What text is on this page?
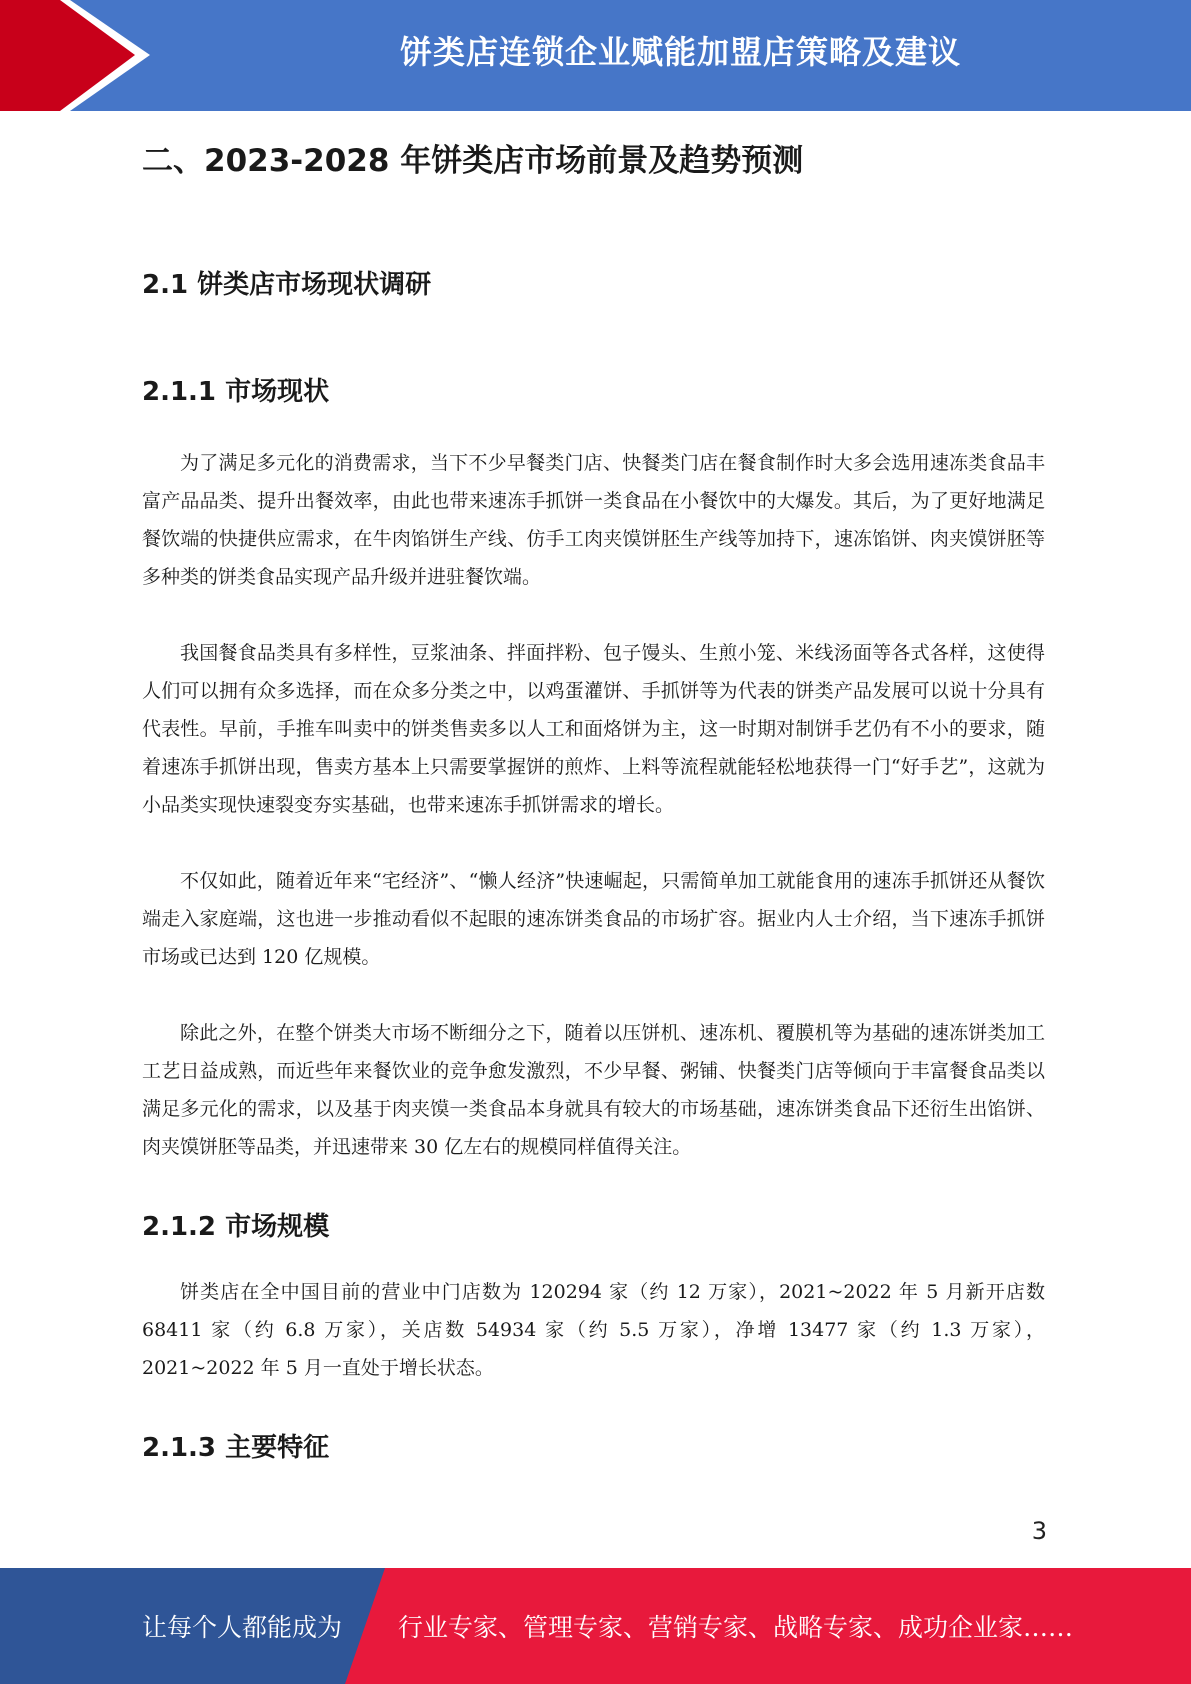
饼类店连锁企业赋能加盟店策略及建议
二、2023-2028 年饼类店市场前景及趋势预测
2.1 饼类店市场现状调研
2.1.1 市场现状

为了满足多元化的消费需求，当下不少早餐类门店、快餐类门店在餐食制作时大多会选用速冻类食品丰富产品品类、提升出餐效率，由此也带来速冻手抓饼一类食品在小餐饮中的大爆发。其后，为了更好地满足餐饮端的快捷供应需求，在牛肉馅饼生产线、仿手工肉夹馍饼胚生产线等加持下，速冻馅饼、肉夹馍饼胚等多种类的饼类食品实现产品升级并进驻餐饮端。

我国餐食品类具有多样性，豆浆油条、拌面拌粉、包子馒头、生煎小笼、米线汤面等各式各样，这使得人们可以拥有众多选择，而在众多分类之中，以鸡蛋灌饼、手抓饼等为代表的饼类产品发展可以说十分具有代表性。早前，手推车叫卖中的饼类售卖多以人工和面烙饼为主，这一时期对制饼手艺仍有不小的要求，随着速冻手抓饼出现，售卖方基本上只需要掌握饼的煎炸、上料等流程就能轻松地获得一门“好手艺”，这就为小品类实现快速裂变夯实基础，也带来速冻手抓饼需求的增长。

不仅如此，随着近年来“宅经济”、“懒人经济”快速崛起，只需简单加工就能食用的速冻手抓饼还从餐饮端走入家庭端，这也进一步推动看似不起眼的速冻饼类食品的市场扩容。据业内人士介绍，当下速冻手抓饼市场或已达到 120 亿规模。

除此之外，在整个饼类大市场不断细分之下，随着以压饼机、速冻机、覆膜机等为基础的速冻饼类加工工艺日益成熟，而近些年来餐饮业的竞争愈发激烈，不少早餐、粥铺、快餐类门店等倾向于丰富餐食品类以满足多元化的需求，以及基于肉夹馍一类食品本身就具有较大的市场基础，速冻饼类食品下还衍生出馅饼、肉夹馍饼胚等品类，并迅速带来 30 亿左右的规模同样值得关注。

2.1.2 市场规模

饼类店在全中国目前的营业中门店数为 120294 家（约 12 万家），2021~2022 年 5 月新开店数 68411 家（约 6.8 万家），关店数 54934 家（约 5.5 万家），净增 13477 家（约 1.3 万家），2021~2022 年 5 月一直处于增长状态。

2.1.3 主要特征
3
让每个人都能成为	行业专家、管理专家、营销专家、战略专家、成功企业家……
